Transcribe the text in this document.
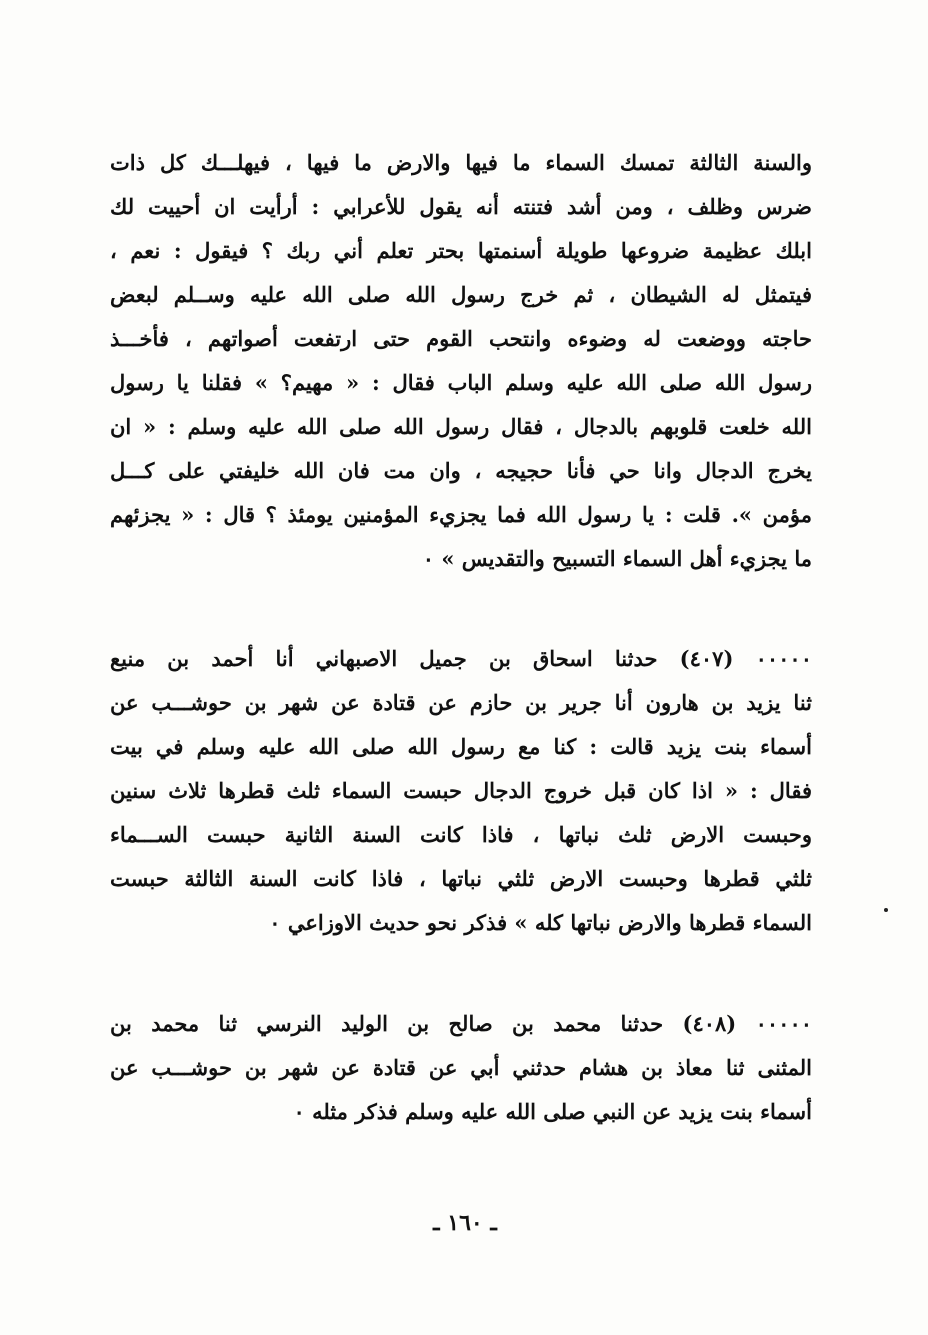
والسنة الثالثة تمسك السماء ما فيها والارض ما فيها ، فيهلـــك كل ذات
ضرس وظلف ، ومن أشد فتنته أنه يقول للأعرابي : أرأيت ان أحييت لك
ابلك عظيمة ضروعها طويلة أسنمتها بحتر تعلم أني ربك ؟ فيقول : نعم ،
فيتمثل له الشيطان ، ثم خرج رسول الله صلى الله عليه وســلم لبعض
حاجته ووضعت له وضوءه وانتحب القوم حتى ارتفعت أصواتهم ، فأخـــذ
رسول الله صلى الله عليه وسلم الباب فقال : « مهيم؟ » فقلنا يا رسول
الله خلعت قلوبهم بالدجال ، فقال رسول الله صلى الله عليه وسلم : « ان
يخرج الدجال وانا حي فأنا حجيجه ، وان مت فان الله خليفتي على كـــل
مؤمن ». قلت : يا رسول الله فما يجزيء المؤمنين يومئذ ؟ قال : « يجزئهم
ما يجزيء أهل السماء التسبيح والتقديس » ٠
٠٠٠٠٠ (٤٠٧) حدثنا اسحاق بن جميل الاصبهاني أنا أحمد بن منيع
ثنا يزيد بن هارون أنا جرير بن حازم عن قتادة عن شهر بن حوشـــب عن
أسماء بنت يزيد قالت : كنا مع رسول الله صلى الله عليه وسلم في بيت
فقال : « اذا كان قبل خروج الدجال حبست السماء ثلث قطرها ثلاث سنين
وحبست الارض ثلث نباتها ، فاذا كانت السنة الثانية حبست الســـماء
ثلثي قطرها وحبست الارض ثلثي نباتها ، فاذا كانت السنة الثالثة حبست
السماء قطرها والارض نباتها كله » فذكر نحو حديث الاوزاعي ٠
٠٠٠٠٠ (٤٠٨) حدثنا محمد بن صالح بن الوليد النرسي ثنا محمد بن
المثنى ثنا معاذ بن هشام حدثني أبي عن قتادة عن شهر بن حوشـــب عن
أسماء بنت يزيد عن النبي صلى الله عليه وسلم فذكر مثله ٠
ـ ١٦٠ ـ
